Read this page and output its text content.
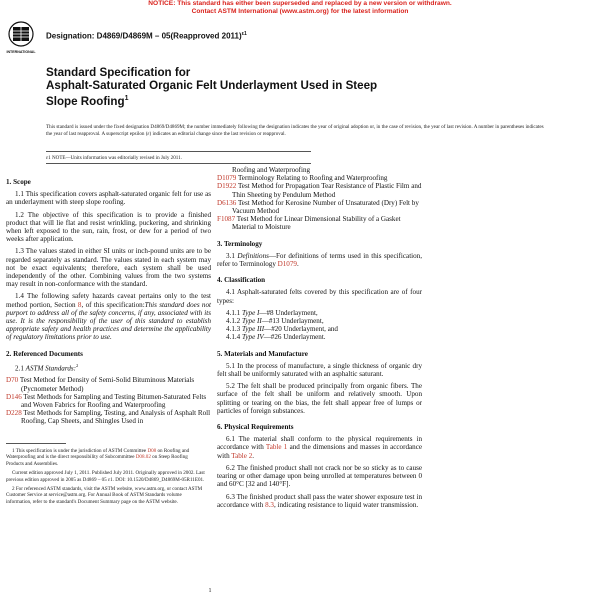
NOTICE: This standard has either been superseded and replaced by a new version or withdrawn.
Contact ASTM International (www.astm.org) for the latest information
INTERNATIONAL
Designation: D4869/D4869M – 05(Reapproved 2011)$^{\varepsilon 1}$
Standard Specification for
Asphalt-Saturated Organic Felt Underlayment Used in Steep
Slope Roofing$^1$
This standard is issued under the fixed designation D4869/D4869M; the number immediately following the designation indicates the year of original adoption or, in the case of revision, the year of last revision. A number in parentheses indicates the year of last reapproval. A superscript epsilon (ε) indicates an editorial change since the last revision or reapproval.
ε1 NOTE—Units information was editorially revised in July 2011.
1. Scope

1.1 This specification covers asphalt-saturated organic felt for use as an underlayment with steep slope roofing.

1.2 The objective of this specification is to provide a finished product that will lie flat and resist wrinkling, puckering, and shrinking when left exposed to the sun, rain, frost, or dew for a period of two weeks after application.

1.3 The values stated in either SI units or inch-pound units are to be regarded separately as standard. The values stated in each system may not be exact equivalents; therefore, each system shall be used independently of the other. Combining values from the two systems may result in non-conformance with the standard.

1.4 The following safety hazards caveat pertains only to the test method portion, Section 8, of this specification:This standard does not purport to address all of the safety concerns, if any, associated with its use. It is the responsibility of the user of this standard to establish appropriate safety and health practices and determine the applicability of regulatory limitations prior to use.

2. Referenced Documents

2.1 ASTM Standards:$^2$

D70 Test Method for Density of Semi-Solid Bituminous Materials (Pycnometer Method)

D146 Test Methods for Sampling and Testing Bitumen-Saturated Felts and Woven Fabrics for Roofing and Waterproofing

D228 Test Methods for Sampling, Testing, and Analysis of Asphalt Roll Roofing, Cap Sheets, and Shingles Used in

1 This specification is under the jurisdiction of ASTM Committee D08 on Roofing and Waterproofing and is the direct responsibility of Subcommittee D08.02 on Steep Roofing Products and Assemblies.

Current edition approved July 1, 2011. Published July 2011. Originally approved in 2002. Last previous edition approved in 2005 as D4869 – 05 ε1. DOI: 10.1520/D4869_D4869M-05R11E01.

2 For referenced ASTM standards, visit the ASTM website, www.astm.org, or contact ASTM Customer Service at service@astm.org. For Annual Book of ASTM Standards volume information, refer to the standard's Document Summary page on the ASTM website.

Roofing and Waterproofing

D1079 Terminology Relating to Roofing and Waterproofing

D1922 Test Method for Propagation Tear Resistance of Plastic Film and Thin Sheeting by Pendulum Method

D6136 Test Method for Kerosine Number of Unsaturated (Dry) Felt by Vacuum Method

F1087 Test Method for Linear Dimensional Stability of a Gasket Material to Moisture

3. Terminology

3.1 Definitions—For definitions of terms used in this specification, refer to Terminology D1079.

4. Classification

4.1 Asphalt-saturated felts covered by this specification are of four types:

4.1.1 Type I—#8 Underlayment,

4.1.2 Type II—#13 Underlayment,

4.1.3 Type III—#20 Underlayment, and

4.1.4 Type IV—#26 Underlayment.

5. Materials and Manufacture

5.1 In the process of manufacture, a single thickness of organic dry felt shall be uniformly saturated with an asphaltic saturant.

5.2 The felt shall be produced principally from organic fibers. The surface of the felt shall be uniform and relatively smooth. Upon splitting or tearing on the bias, the felt shall appear free of lumps or particles of foreign substances.

6. Physical Requirements

6.1 The material shall conform to the physical requirements in accordance with Table 1 and the dimensions and masses in accordance with Table 2.

6.2 The finished product shall not crack nor be so sticky as to cause tearing or other damage upon being unrolled at temperatures between 0 and 60°C [32 and 140°F].

6.3 The finished product shall pass the water shower exposure test in accordance with 8.3, indicating resistance to liquid water transmission.

1
